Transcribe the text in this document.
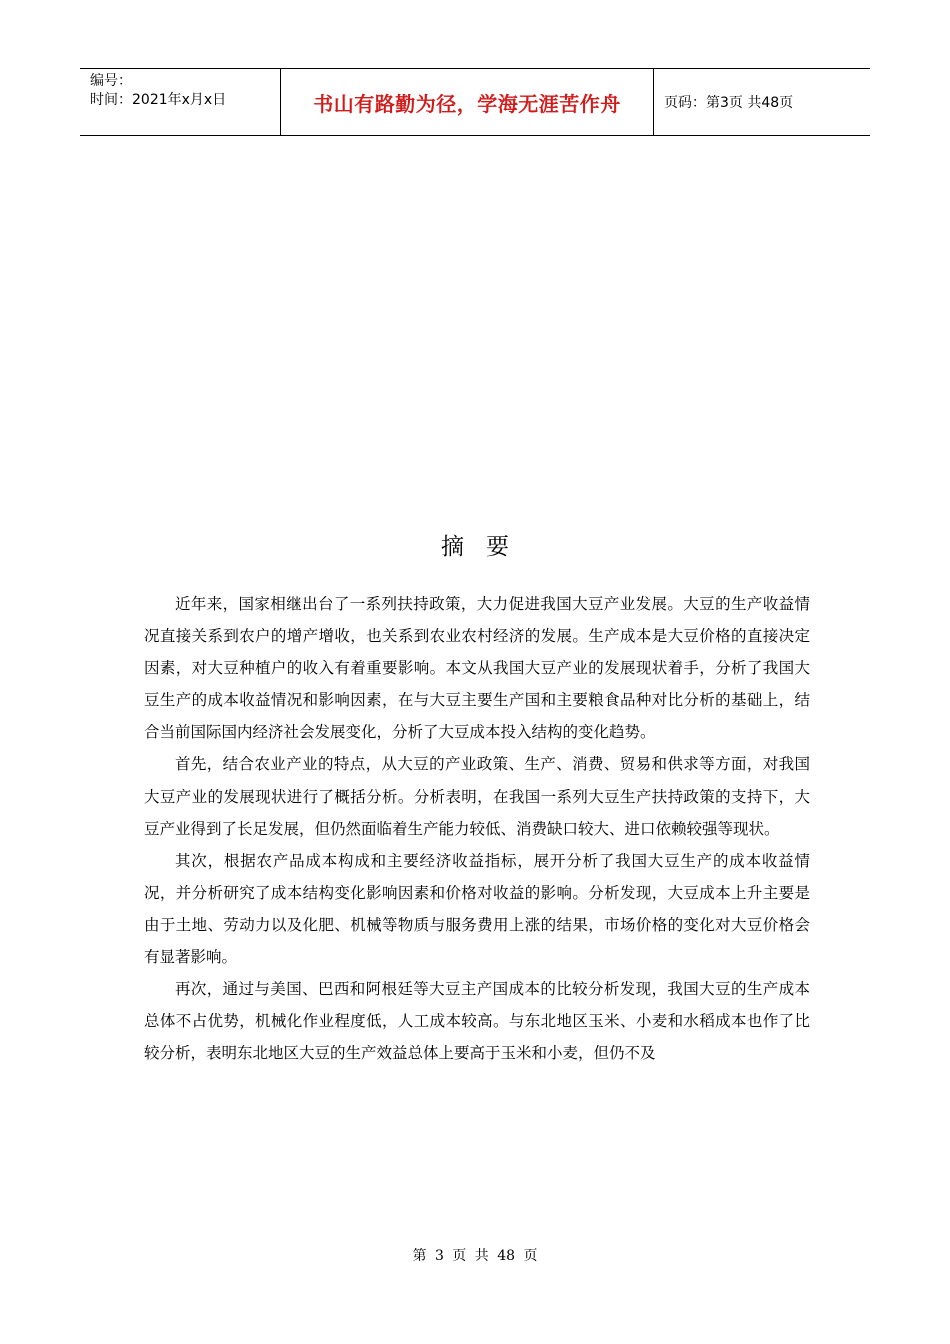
编号：
时间：2021年x月x日	书山有路勤为径，学海无涯苦作舟	页码：第3页 共48页
摘要

近年来，国家相继出台了一系列扶持政策，大力促进我国大豆产业发展。大豆的生产收益情况直接关系到农户的增产增收，也关系到农业农村经济的发展。生产成本是大豆价格的直接决定因素，对大豆种植户的收入有着重要影响。本文从我国大豆产业的发展现状着手，分析了我国大豆生产的成本收益情况和影响因素，在与大豆主要生产国和主要粮食品种对比分析的基础上，结合当前国际国内经济社会发展变化，分析了大豆成本投入结构的变化趋势。

首先，结合农业产业的特点，从大豆的产业政策、生产、消费、贸易和供求等方面，对我国大豆产业的发展现状进行了概括分析。分析表明，在我国一系列大豆生产扶持政策的支持下，大豆产业得到了长足发展，但仍然面临着生产能力较低、消费缺口较大、进口依赖较强等现状。

其次，根据农产品成本构成和主要经济收益指标，展开分析了我国大豆生产的成本收益情况，并分析研究了成本结构变化影响因素和价格对收益的影响。分析发现，大豆成本上升主要是由于土地、劳动力以及化肥、机械等物质与服务费用上涨的结果，市场价格的变化对大豆价格会有显著影响。

再次，通过与美国、巴西和阿根廷等大豆主产国成本的比较分析发现，我国大豆的生产成本总体不占优势，机械化作业程度低，人工成本较高。与东北地区玉米、小麦和水稻成本也作了比较分析，表明东北地区大豆的生产效益总体上要高于玉米和小麦，但仍不及

第 3 页 共 48 页
